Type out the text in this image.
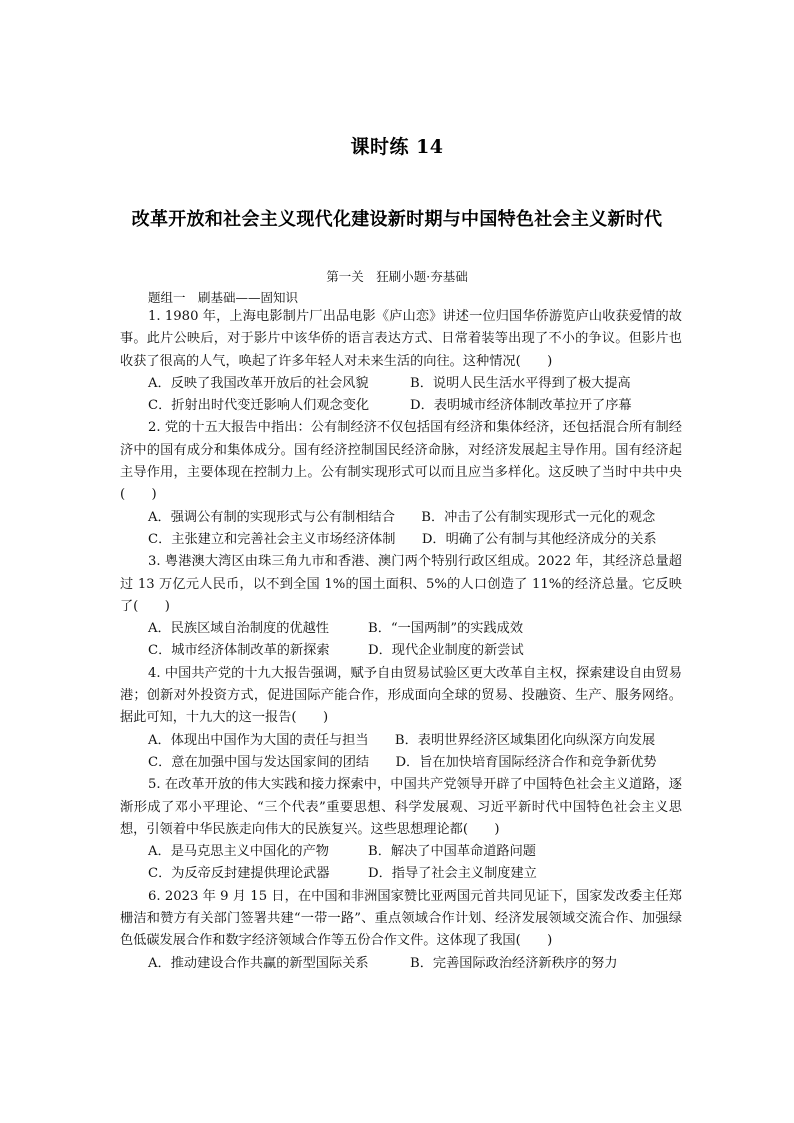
课时练 14
改革开放和社会主义现代化建设新时期与中国特色社会主义新时代
第一关　狂刷小题·夯基础
题组一　刷基础——固知识

1. 1980 年，上海电影制片厂出品电影《庐山恋》讲述一位归国华侨游览庐山收获爱情的故事。此片公映后，对于影片中该华侨的语言表达方式、日常着装等出现了不小的争议。但影片也收获了很高的人气，唤起了许多年轻人对未来生活的向往。这种情况(　　)

A．反映了我国改革开放后的社会风貌	B．说明人民生活水平得到了极大提高

C．折射出时代变迁影响人们观念变化	D．表明城市经济体制改革拉开了序幕

2. 党的十五大报告中指出：公有制经济不仅包括国有经济和集体经济，还包括混合所有制经济中的国有成分和集体成分。国有经济控制国民经济命脉，对经济发展起主导作用。国有经济起主导作用，主要体现在控制力上。公有制实现形式可以而且应当多样化。这反映了当时中共中央(　　)

A．强调公有制的实现形式与公有制相结合　　 B．冲击了公有制实现形式一元化的观念

C．主张建立和完善社会主义市场经济体制　　 D．明确了公有制与其他经济成分的关系

3. 粤港澳大湾区由珠三角九市和香港、澳门两个特别行政区组成。2022 年，其经济总量超过 13 万亿元人民币，以不到全国 1%的国土面积、5%的人口创造了 11%的经济总量。它反映了(　　)

A．民族区域自治制度的优越性	B．“一国两制”的实践成效

C．城市经济体制改革的新探索	D．现代企业制度的新尝试

4. 中国共产党的十九大报告强调，赋予自由贸易试验区更大改革自主权，探索建设自由贸易港；创新对外投资方式，促进国际产能合作，形成面向全球的贸易、投融资、生产、服务网络。据此可知，十九大的这一报告(　　)

A．体现出中国作为大国的责任与担当　　 B．表明世界经济区域集团化向纵深方向发展

C．意在加强中国与发达国家间的团结　　 D．旨在加快培育国际经济合作和竞争新优势

5. 在改革开放的伟大实践和接力探索中，中国共产党领导开辟了中国特色社会主义道路，逐渐形成了邓小平理论、“三个代表”重要思想、科学发展观、习近平新时代中国特色社会主义思想，引领着中华民族走向伟大的民族复兴。这些思想理论都(　　)

A．是马克思主义中国化的产物	B．解决了中国革命道路问题

C．为反帝反封建提供理论武器	D．指导了社会主义制度建立

6. 2023 年 9 月 15 日，在中国和非洲国家赞比亚两国元首共同见证下，国家发改委主任郑栅洁和赞方有关部门签署共建“一带一路”、重点领域合作计划、经济发展领域交流合作、加强绿色低碳发展合作和数字经济领域合作等五份合作文件。这体现了我国(　　)

A．推动建设合作共赢的新型国际关系	B．完善国际政治经济新秩序的努力
